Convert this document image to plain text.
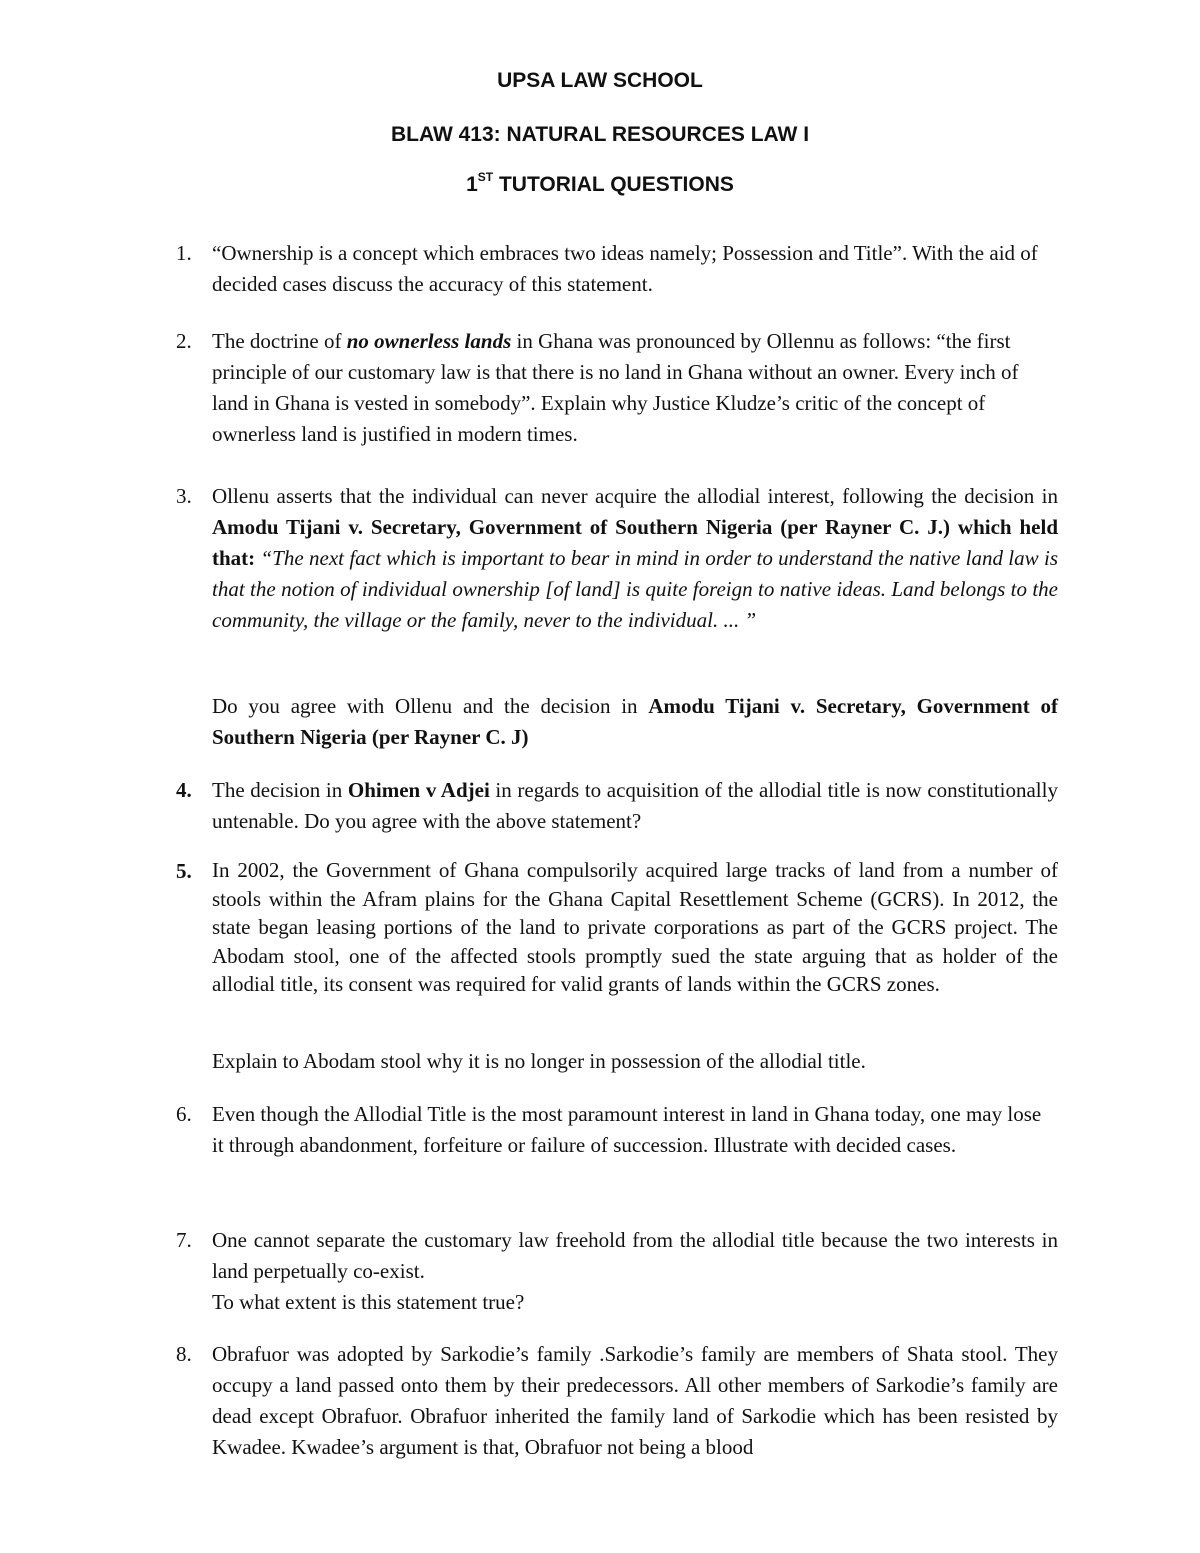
UPSA LAW SCHOOL
BLAW 413: NATURAL RESOURCES LAW I
1ST TUTORIAL QUESTIONS
1. “Ownership is a concept which embraces two ideas namely; Possession and Title”. With the aid of decided cases discuss the accuracy of this statement.

2. The doctrine of no ownerless lands in Ghana was pronounced by Ollennu as follows: “the first principle of our customary law is that there is no land in Ghana without an owner. Every inch of land in Ghana is vested in somebody”. Explain why Justice Kludze’s critic of the concept of ownerless land is justified in modern times.

3. Ollenu asserts that the individual can never acquire the allodial interest, following the decision in Amodu Tijani v. Secretary, Government of Southern Nigeria (per Rayner C. J.) which held that: “The next fact which is important to bear in mind in order to understand the native land law is that the notion of individual ownership [of land] is quite foreign to native ideas. Land belongs to the community, the village or the family, never to the individual. ... ”

Do you agree with Ollenu and the decision in Amodu Tijani v. Secretary, Government of Southern Nigeria (per Rayner C. J)

4. The decision in Ohimen v Adjei in regards to acquisition of the allodial title is now constitutionally untenable. Do you agree with the above statement?

5. In 2002, the Government of Ghana compulsorily acquired large tracks of land from a number of stools within the Afram plains for the Ghana Capital Resettlement Scheme (GCRS). In 2012, the state began leasing portions of the land to private corporations as part of the GCRS project. The Abodam stool, one of the affected stools promptly sued the state arguing that as holder of the allodial title, its consent was required for valid grants of lands within the GCRS zones.

Explain to Abodam stool why it is no longer in possession of the allodial title.

6. Even though the Allodial Title is the most paramount interest in land in Ghana today, one may lose it through abandonment, forfeiture or failure of succession. Illustrate with decided cases.

7. One cannot separate the customary law freehold from the allodial title because the two interests in land perpetually co-exist.

To what extent is this statement true?

8. Obrafuor was adopted by Sarkodie’s family .Sarkodie’s family are members of Shata stool. They occupy a land passed onto them by their predecessors. All other members of Sarkodie’s family are dead except Obrafuor. Obrafuor inherited the family land of Sarkodie which has been resisted by Kwadee. Kwadee’s argument is that, Obrafuor not being a blood
